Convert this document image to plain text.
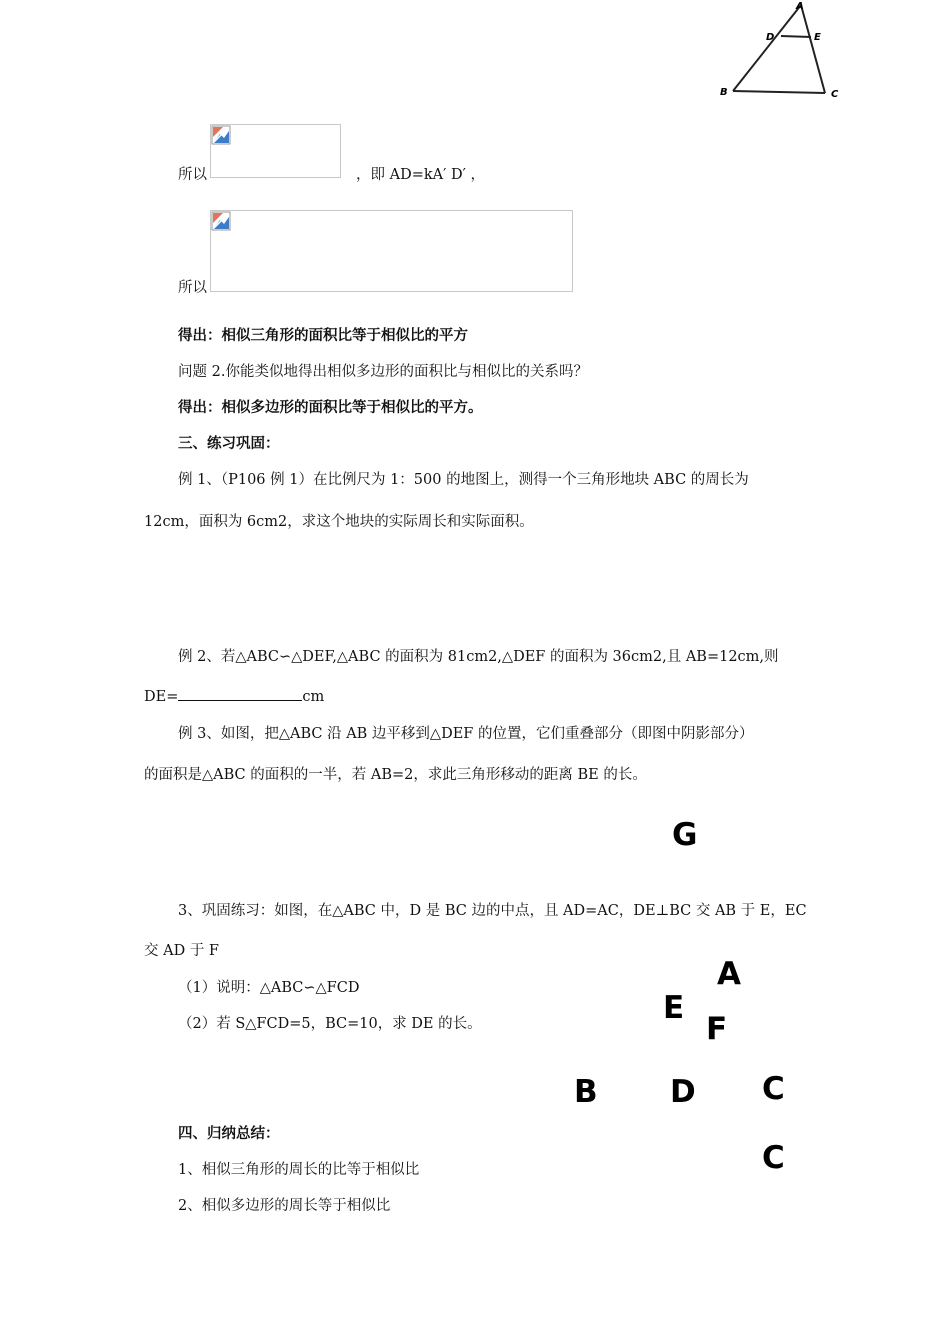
A
D	E
B	C
所以	，即 AD=kA′ D′ ，
所以
得出：相似三角形的面积比等于相似比的平方
问题 2.你能类似地得出相似多边形的面积比与相似比的关系吗？
得出：相似多边形的面积比等于相似比的平方。
三、练习巩固：
例 1、（P106 例 1）在比例尺为 1：500 的地图上，测得一个三角形地块 ABC 的周长为
12cm，面积为 6cm2，求这个地块的实际周长和实际面积。
例 2、若△ABC∽△DEF,△ABC 的面积为 81cm2,△DEF 的面积为 36cm2,且 AB=12cm,则
DE=	cm
例 3、如图，把△ABC 沿 AB 边平移到△DEF 的位置，它们重叠部分（即图中阴影部分）
的面积是△ABC 的面积的一半，若 AB=2，求此三角形移动的距离 BE 的长。
G
3、巩固练习：如图，在△ABC 中，D 是 BC 边的中点，且 AD=AC，DE⊥BC 交 AB 于 E，EC
交 AD 于 F
（1）说明：△ABC∽△FCD
（2）若 S△FCD=5，BC=10，求 DE 的长。
A
E
F
B D C
C
四、归纳总结：
1、相似三角形的周长的比等于相似比
2、相似多边形的周长等于相似比
